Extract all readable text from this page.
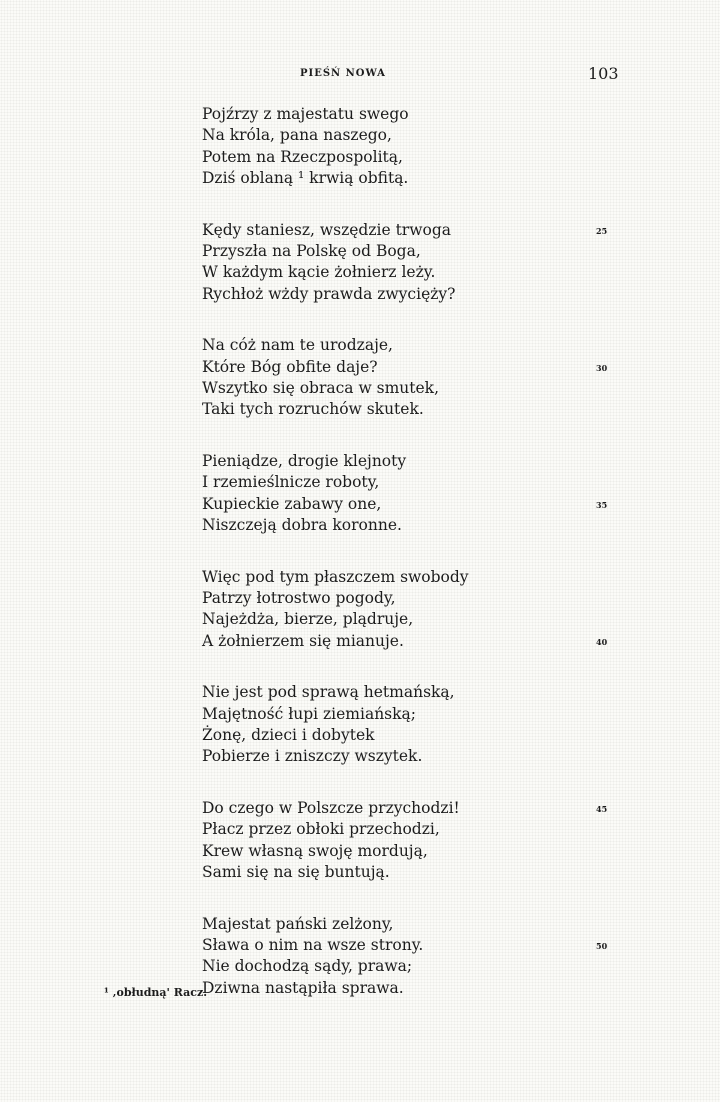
PIEŚŃ NOWA	103
Pojźrzy z majestatu swego
Na króla, pana naszego,
Potem na Rzeczpospolitą,
Dziś oblaną ¹ krwią obfitą.
Kędy staniesz, wszędzie trwoga	25
Przyszła na Polskę od Boga,
W każdym kącie żołnierz leży.
Rychłoż wżdy prawda zwycięży?
Na cóż nam te urodzaje,
Które Bóg obfite daje?	30
Wszytko się obraca w smutek,
Taki tych rozruchów skutek.
Pieniądze, drogie klejnoty
I rzemieślnicze roboty,
Kupieckie zabawy one,	35
Niszczeją dobra koronne.
Więc pod tym płaszczem swobody
Patrzy łotrostwo pogody,
Najeżdża, bierze, plądruje,
A żołnierzem się mianuje.	40
Nie jest pod sprawą hetmańską,
Majętność łupi ziemiańską;
Żonę, dzieci i dobytek
Pobierze i zniszczy wszytek.
Do czego w Polszcze przychodzi!	45
Płacz przez obłoki przechodzi,
Krew własną swoję mordują,
Sami się na się buntują.
Majestat pański zelżony,
Sława o nim na wsze strony.	50
Nie dochodzą sądy, prawa;
Dziwna nastąpiła sprawa.
¹ ‚obłudną' Racz.
